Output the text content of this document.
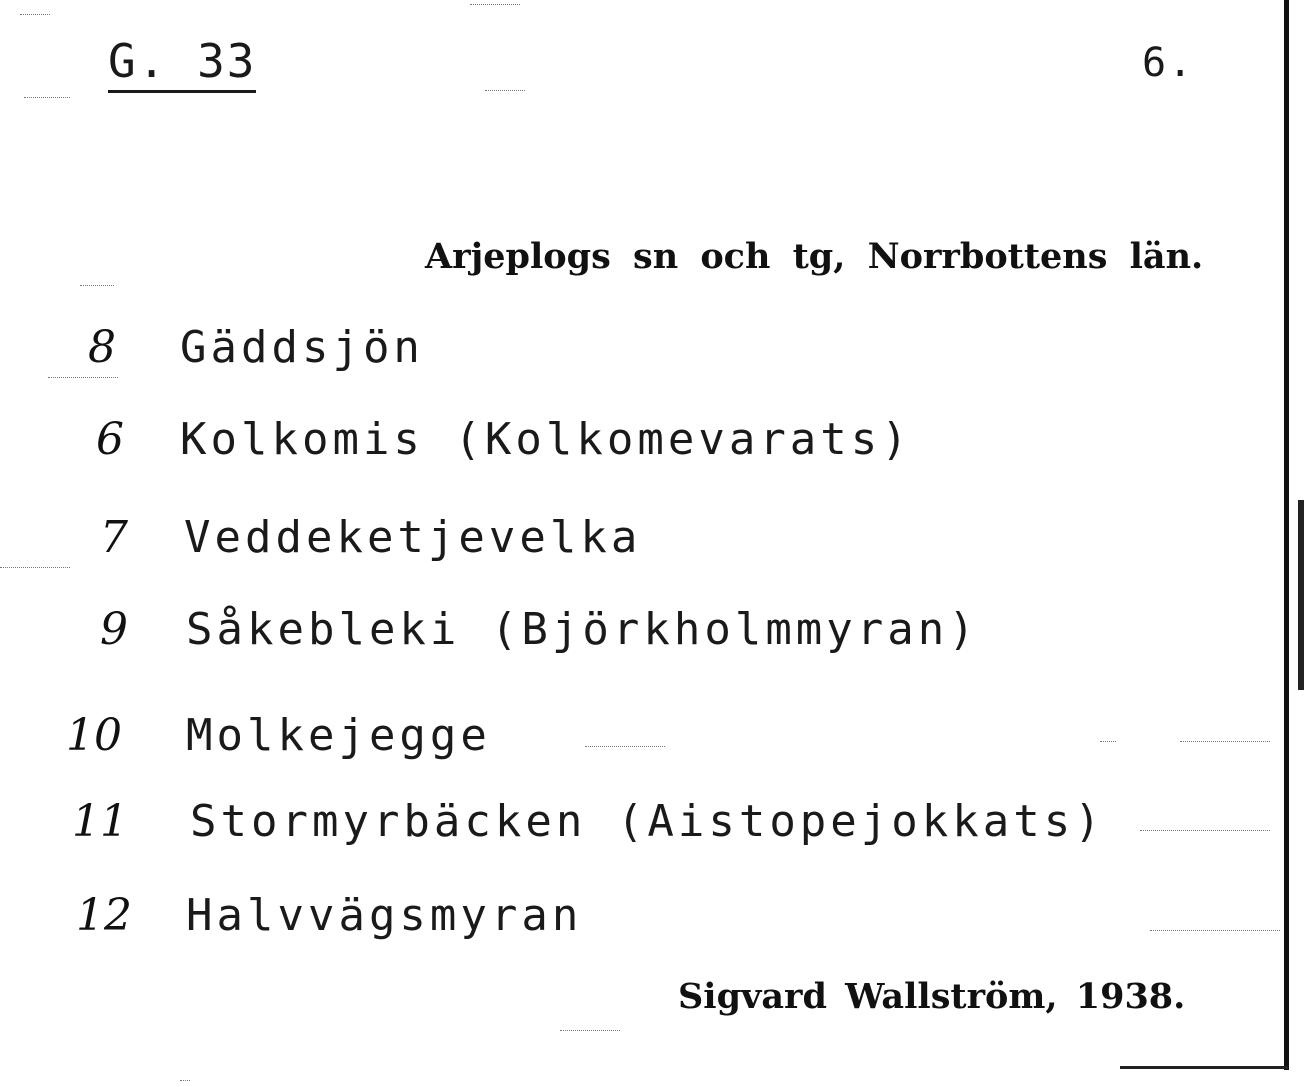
G. 33	6.
Arjeplogs sn och tg, Norrbottens län.
8 Gäddsjön
6 Kolkomis (Kolkomevarats)
7 Veddeketjevelka
9 Såkebleki (Björkholmmyran)
10 Molkejegge
11 Stormyrbäcken (Aistopejokkats)
12 Halvvägsmyran
Sigvard Wallström, 1938.
